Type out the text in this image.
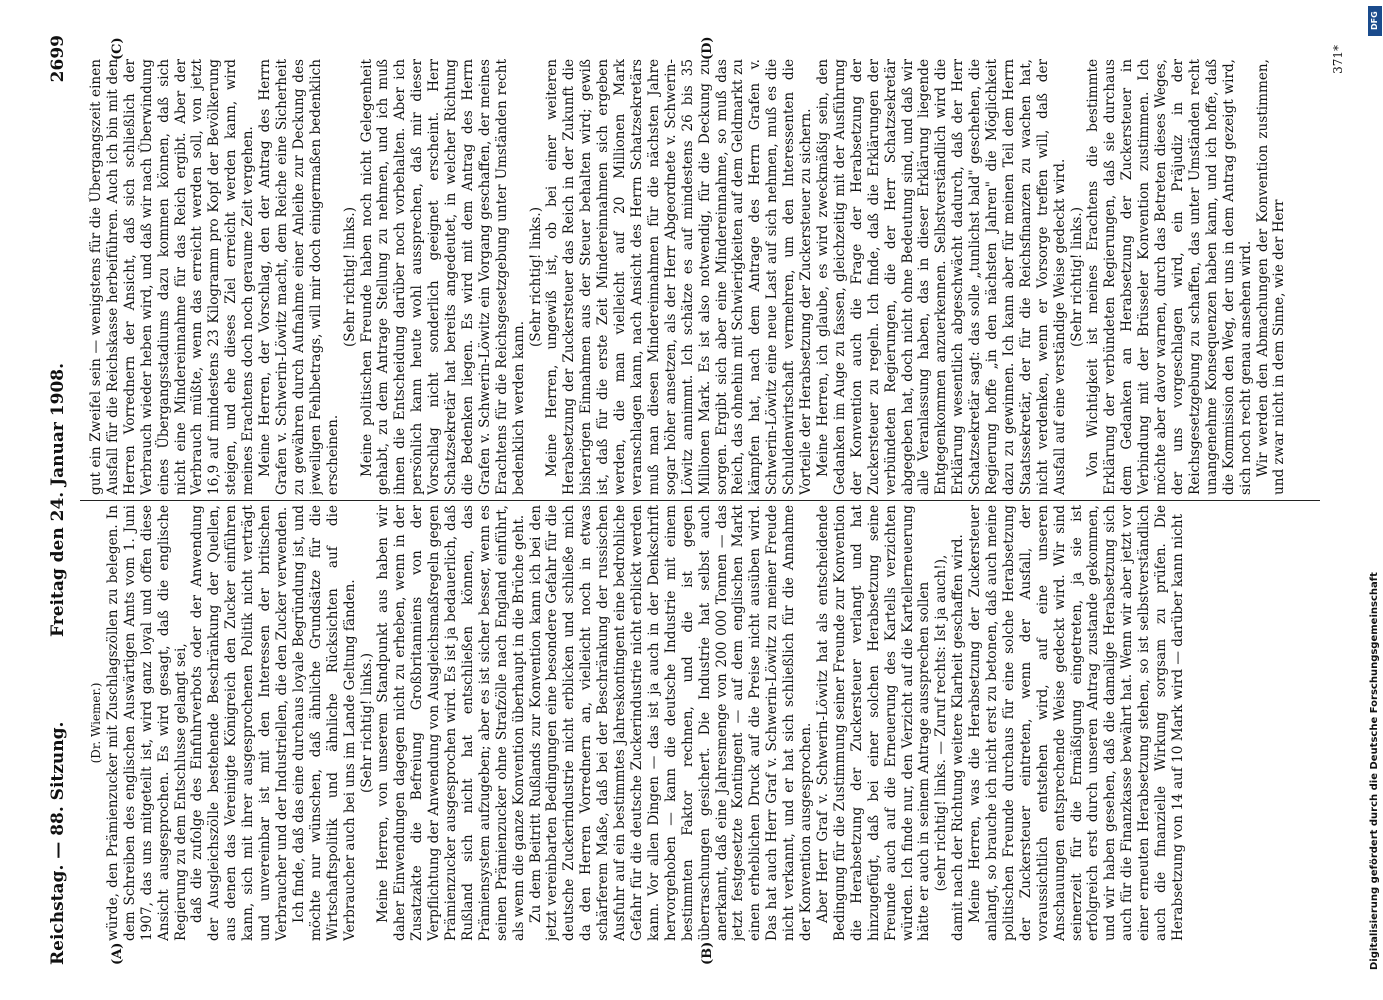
Reichstag. — 88. Sitzung.
Freitag den 24. Januar 1908.
2699
(A)	(B)
(C)	(D)

(Dr. Wiemer.) würde, den Prämienzucker mit Zuschlagszöllen zu belegen. In dem Schreiben des englischen Auswärtigen Amts vom 1. Juni 1907, das uns mitgeteilt ist, wird ganz loyal und offen diese Ansicht ausgesprochen. Es wird gesagt, daß die englische Regierung zu dem Entschlusse gelangt sei, daß die zufolge des Einfuhrverbots oder der Anwendung der Ausgleichszölle bestehende Beschränkung der Quellen, aus denen das Vereinigte Königreich den Zucker einführen kann, sich mit ihrer ausgesprochenen Politik nicht verträgt und unvereinbar ist mit den Interessen der britischen Verbraucher und der Industriellen, die den Zucker verwenden. Ich finde, daß das eine durchaus loyale Begründung ist, und möchte nur wünschen, daß ähnliche Grundsätze für die Wirtschaftspolitik und ähnliche Rücksichten auf die Verbraucher auch bei uns im Lande Geltung fänden. (Sehr richtig! links.) Meine Herren, von unserem Standpunkt aus haben wir daher Einwendungen dagegen nicht zu erheben, wenn in der Zusatzakte die Befreiung Großbritanniens von der Verpflichtung der Anwendung von Ausgleichsmaßregeln gegen Prämienzucker ausgesprochen wird. Es ist ja bedauerlich, daß Rußland sich nicht hat entschließen können, das Prämiensystem aufzugeben; aber es ist sicher besser, wenn es seinen Prämienzucker ohne Strafzölle nach England einführt, als wenn die ganze Konvention überhaupt in die Brüche geht. Zu dem Beitritt Rußlands zur Konvention kann ich bei den jetzt vereinbarten Bedingungen eine besondere Gefahr für die deutsche Zuckerindustrie nicht erblicken und schließe mich da den Herren Vorrednern an, vielleicht noch in etwas schärferem Maße, daß bei der Beschränkung der russischen Ausfuhr auf ein bestimmtes Jahreskontingent eine bedrohliche Gefahr für die deutsche Zuckerindustrie nicht erblickt werden kann. Vor allen Dingen — das ist ja auch in der Denkschrift hervorgehoben — kann die deutsche Industrie mit einem bestimmten Faktor rechnen, und die ist gegen überraschungen gesichert. Die Industrie hat selbst auch anerkannt, daß eine Jahresmenge von 200 000 Tonnen — das jetzt festgesetzte Kontingent — auf dem englischen Markt einen erheblichen Druck auf die Preise nicht ausüben wird. Das hat auch Herr Graf v. Schwerin-Löwitz zu meiner Freude nicht verkannt, und er hat sich schließlich für die Annahme der Konvention ausgesprochen. Aber Herr Graf v. Schwerin-Löwitz hat als entscheidende Bedingung für die Zustimmung seiner Freunde zur Konvention die Herabsetzung der Zuckersteuer verlangt und hat hinzugefügt, daß bei einer solchen Herabsetzung seine Freunde auch auf die Erneuerung des Kartells verzichten würden. Ich finde nur, den Verzicht auf die Kartellerneuerung hätte er auch in seinem Antrage aussprechen sollen (sehr richtig! links. — Zuruf rechts: Ist ja auch!), damit nach der Richtung weitere Klarheit geschaffen wird. Meine Herren, was die Herabsetzung der Zuckersteuer anlangt, so brauche ich nicht erst zu betonen, daß auch meine politischen Freunde durchaus für eine solche Herabsetzung der Zuckersteuer eintreten, wenn der Ausfall, der voraussichtlich entstehen wird, auf eine unseren Anschauungen entsprechende Weise gedeckt wird. Wir sind seinerzeit für die Ermäßigung eingetreten, ja sie ist erfolgreich erst durch unseren Antrag zustande gekommen, und wir haben gesehen, daß die damalige Herabsetzung sich auch für die Finanzkasse bewährt hat. Wenn wir aber jetzt vor einer erneuten Herabsetzung stehen, so ist selbstverständlich auch die finanzielle Wirkung sorgsam zu prüfen. Die Herabsetzung von 14 auf 10 Mark wird — darüber kann nicht

gut ein Zweifel sein — wenigstens für die Übergangszeit einen Ausfall für die Reichskasse herbeiführen. Auch ich bin mit den Herren Vorrednern der Ansicht, daß sich schließlich der Verbrauch wieder heben wird, und daß wir nach Überwindung eines Übergangsstadiums dazu kommen können, daß sich nicht eine Mindereinnahme für das Reich ergibt. Aber der Verbrauch müßte, wenn das erreicht werden soll, von jetzt 16,9 auf mindestens 23 Kilogramm pro Kopf der Bevölkerung steigen, und ehe dieses Ziel erreicht werden kann, wird meines Erachtens doch noch geraume Zeit vergehen. Meine Herren, der Vorschlag, den der Antrag des Herrn Grafen v. Schwerin-Löwitz macht, dem Reiche eine Sicherheit zu gewähren durch Aufnahme einer Anleihe zur Deckung des jeweiligen Fehlbetrags, will mir doch einigermaßen bedenklich erscheinen.

(Sehr richtig! links.) Meine politischen Freunde haben noch nicht Gelegenheit gehabt, zu dem Antrage Stellung zu nehmen, und ich muß ihnen die Entscheidung darüber noch vorbehalten. Aber ich persönlich kann heute wohl aussprechen, daß mir dieser Vorschlag nicht sonderlich geeignet erscheint. Herr Schatzsekretär hat bereits angedeutet, in welcher Richtung die Bedenken liegen. Es wird mit dem Antrag des Herrn Grafen v. Schwerin-Löwitz ein Vorgang geschaffen, der meines Erachtens für die Reichsgesetzgebung unter Umständen recht bedenklich werden kann.

(Sehr richtig! links.) Meine Herren, ungewiß ist, ob bei einer weiteren Herabsetzung der Zuckersteuer das Reich in der Zukunft die bisherigen Einnahmen aus der Steuer behalten wird; gewiß ist, daß für die erste Zeit Mindereinnahmen sich ergeben werden, die man vielleicht auf 20 Millionen Mark veranschlagen kann, nach Ansicht des Herrn Schatzsekretärs muß man diesen Mindereinnahmen für die nächsten Jahre sogar höher ansetzen, als der Herr Abgeordnete v. Schwerin-Löwitz annimmt. Ich schätze es auf mindestens 26 bis 35 Millionen Mark. Es ist also notwendig, für die Deckung zu sorgen. Ergibt sich aber eine Mindereinnahme, so muß das Reich, das ohnehin mit Schwierigkeiten auf dem Geldmarkt zu kämpfen hat, nach dem Antrage des Herrn Grafen v. Schwerin-Löwitz eine neue Last auf sich nehmen, muß es die Schuldenwirtschaft vermehren, um den Interessenten die Vorteile der Herabsetzung der Zuckersteuer zu sichern. Meine Herren, ich glaube, es wird zweckmäßig sein, den Gedanken im Auge zu fassen, gleichzeitig mit der Ausführung der Konvention auch die Frage der Herabsetzung der Zuckersteuer zu regeln. Ich finde, daß die Erklärungen der verbündeten Regierungen, die der Herr Schatzsekretär abgegeben hat, doch nicht ohne Bedeutung sind, und daß wir alle Veranlassung haben, das in dieser Erklärung liegende Entgegenkommen anzuerkennen. Selbstverständlich wird die Erklärung wesentlich abgeschwächt dadurch, daß der Herr Schatzsekretär sagt: das solle „tunlichst bald" geschehen, die Regierung hoffe „in den nächsten Jahren" die Möglichkeit dazu zu gewinnen. Ich kann aber für meinen Teil dem Herrn Staatssekretär, der für die Reichsfinanzen zu wachen hat, nicht verdenken, wenn er Vorsorge treffen will, daß der Ausfall auf eine verständige Weise gedeckt wird. (Sehr richtig! links.) Von Wichtigkeit ist meines Erachtens die bestimmte Erklärung der verbündeten Regierungen, daß sie durchaus dem Gedanken an Herabsetzung der Zuckersteuer in Verbindung mit der Brüsseler Konvention zustimmen. Ich möchte aber davor warnen, durch das Betreten dieses Weges, der uns vorgeschlagen wird, ein Präjudiz in der Reichsgesetzgebung zu schaffen, das unter Umständen recht unangenehme Konsequenzen haben kann, und ich hoffe, daß die Kommission den Weg, der uns in dem Antrag gezeigt wird, sich noch recht genau ansehen wird. Wir werden den Abmachungen der Konvention zustimmen, und zwar nicht in dem Sinne, wie der Herr

371*
DFG
Digitalisierung gefördert durch die Deutsche Forschungsgemeinschaft
